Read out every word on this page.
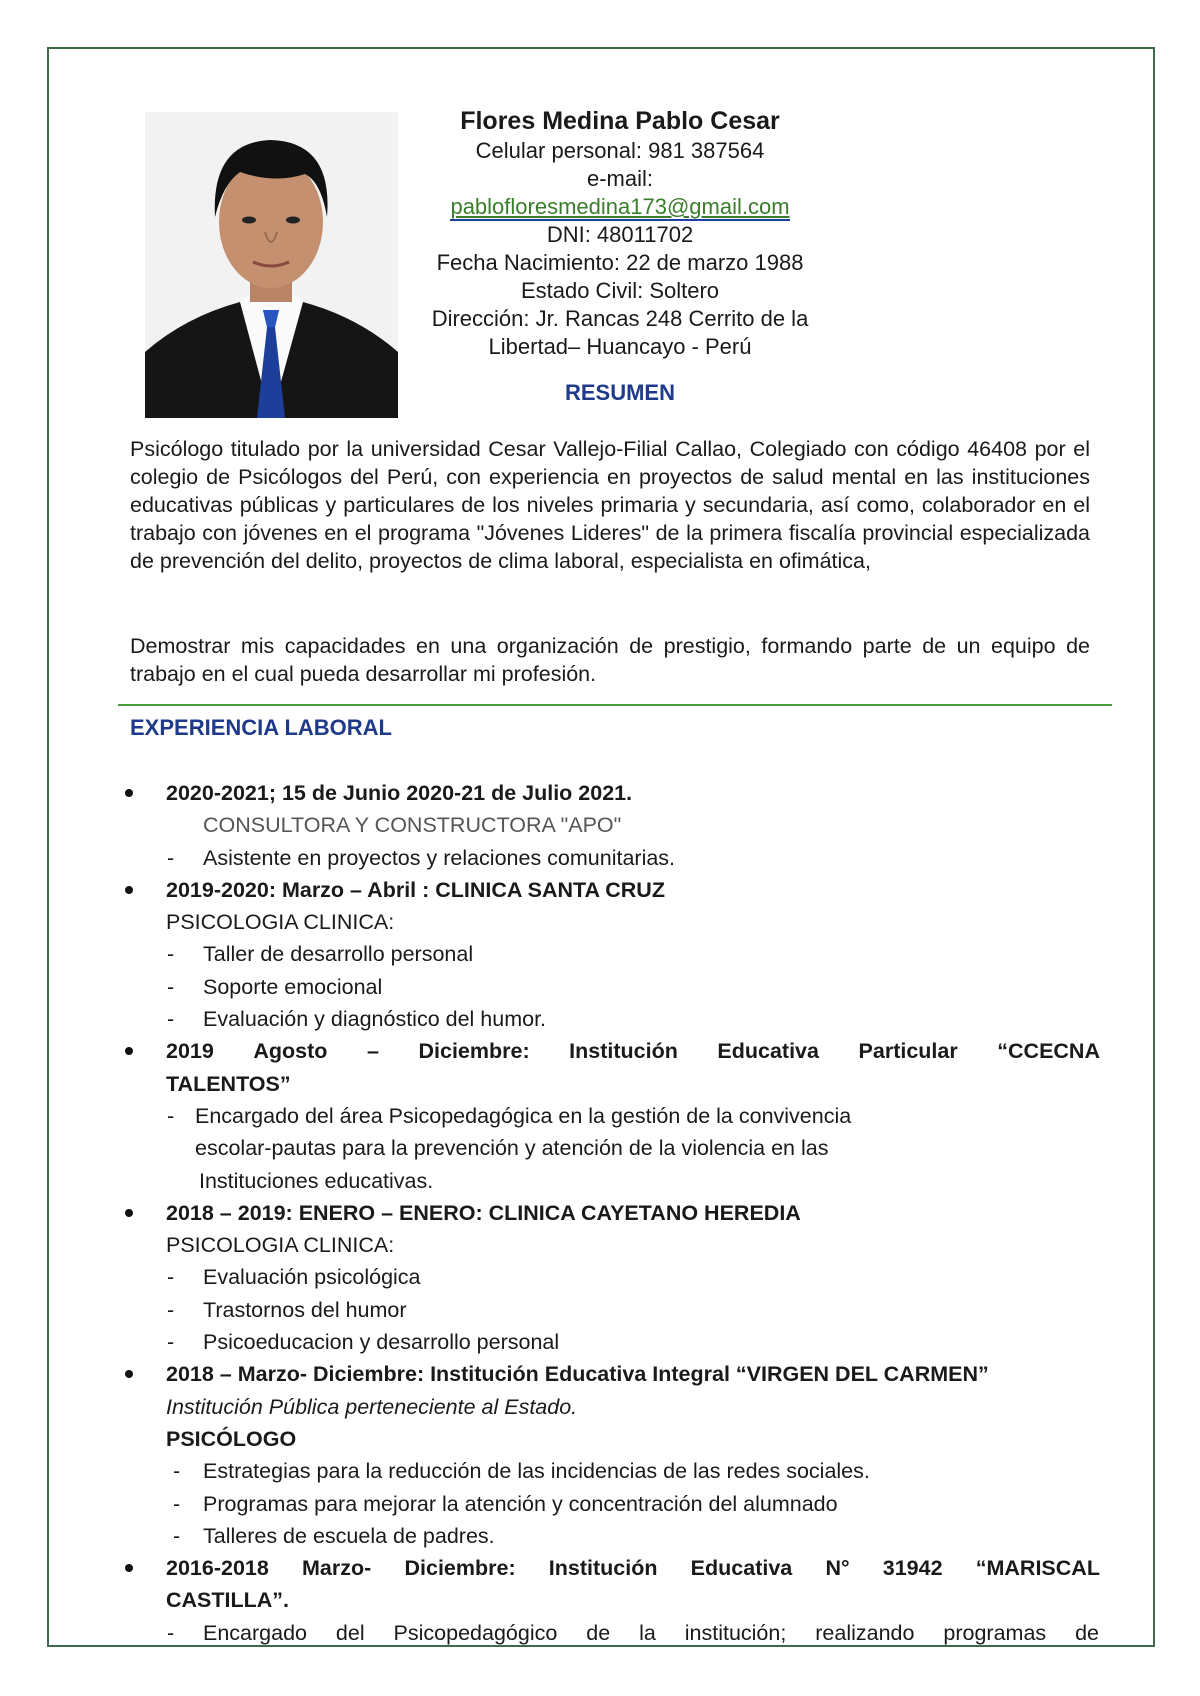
Flores Medina Pablo Cesar
Celular personal: 981 387564
e-mail:
pablofloresmedina173@gmail.com
DNI: 48011702
Fecha Nacimiento: 22 de marzo 1988
Estado Civil: Soltero
Dirección: Jr. Rancas 248 Cerrito de la
Libertad– Huancayo - Perú
RESUMEN
Psicólogo titulado por la universidad Cesar Vallejo-Filial Callao, Colegiado con código 46408 por el colegio de Psicólogos del Perú, con experiencia en proyectos de salud mental en las instituciones educativas públicas y particulares de los niveles primaria y secundaria, así como, colaborador en el trabajo con jóvenes en el programa "Jóvenes Lideres" de la primera fiscalía provincial especializada de prevención del delito, proyectos de clima laboral, especialista en ofimática,
Demostrar mis capacidades en una organización de prestigio, formando parte de un equipo de trabajo en el cual pueda desarrollar mi profesión.
EXPERIENCIA LABORAL
2020-2021; 15 de Junio 2020-21 de Julio 2021.
CONSULTORA Y CONSTRUCTORA "APO"
- Asistente en proyectos y relaciones comunitarias.
2019-2020: Marzo – Abril : CLINICA SANTA CRUZ
PSICOLOGIA CLINICA:
- Taller de desarrollo personal
- Soporte emocional
- Evaluación y diagnóstico del humor.
2019 Agosto – Diciembre: Institución Educativa Particular “CCECNA
TALENTOS”
- Encargado del área Psicopedagógica en la gestión de la convivencia
escolar-pautas para la prevención y atención de la violencia en las
Instituciones educativas.
2018 – 2019: ENERO – ENERO: CLINICA CAYETANO HEREDIA
PSICOLOGIA CLINICA:
- Evaluación psicológica
- Trastornos del humor
- Psicoeducacion y desarrollo personal
2018 – Marzo- Diciembre: Institución Educativa Integral “VIRGEN DEL CARMEN”
Institución Pública perteneciente al Estado.
PSICÓLOGO
- Estrategias para la reducción de las incidencias de las redes sociales.
- Programas para mejorar la atención y concentración del alumnado
- Talleres de escuela de padres.
2016-2018 Marzo- Diciembre: Institución Educativa N° 31942 “MARISCAL
CASTILLA”.
- Encargado del Psicopedagógico de la institución; realizando programas de
